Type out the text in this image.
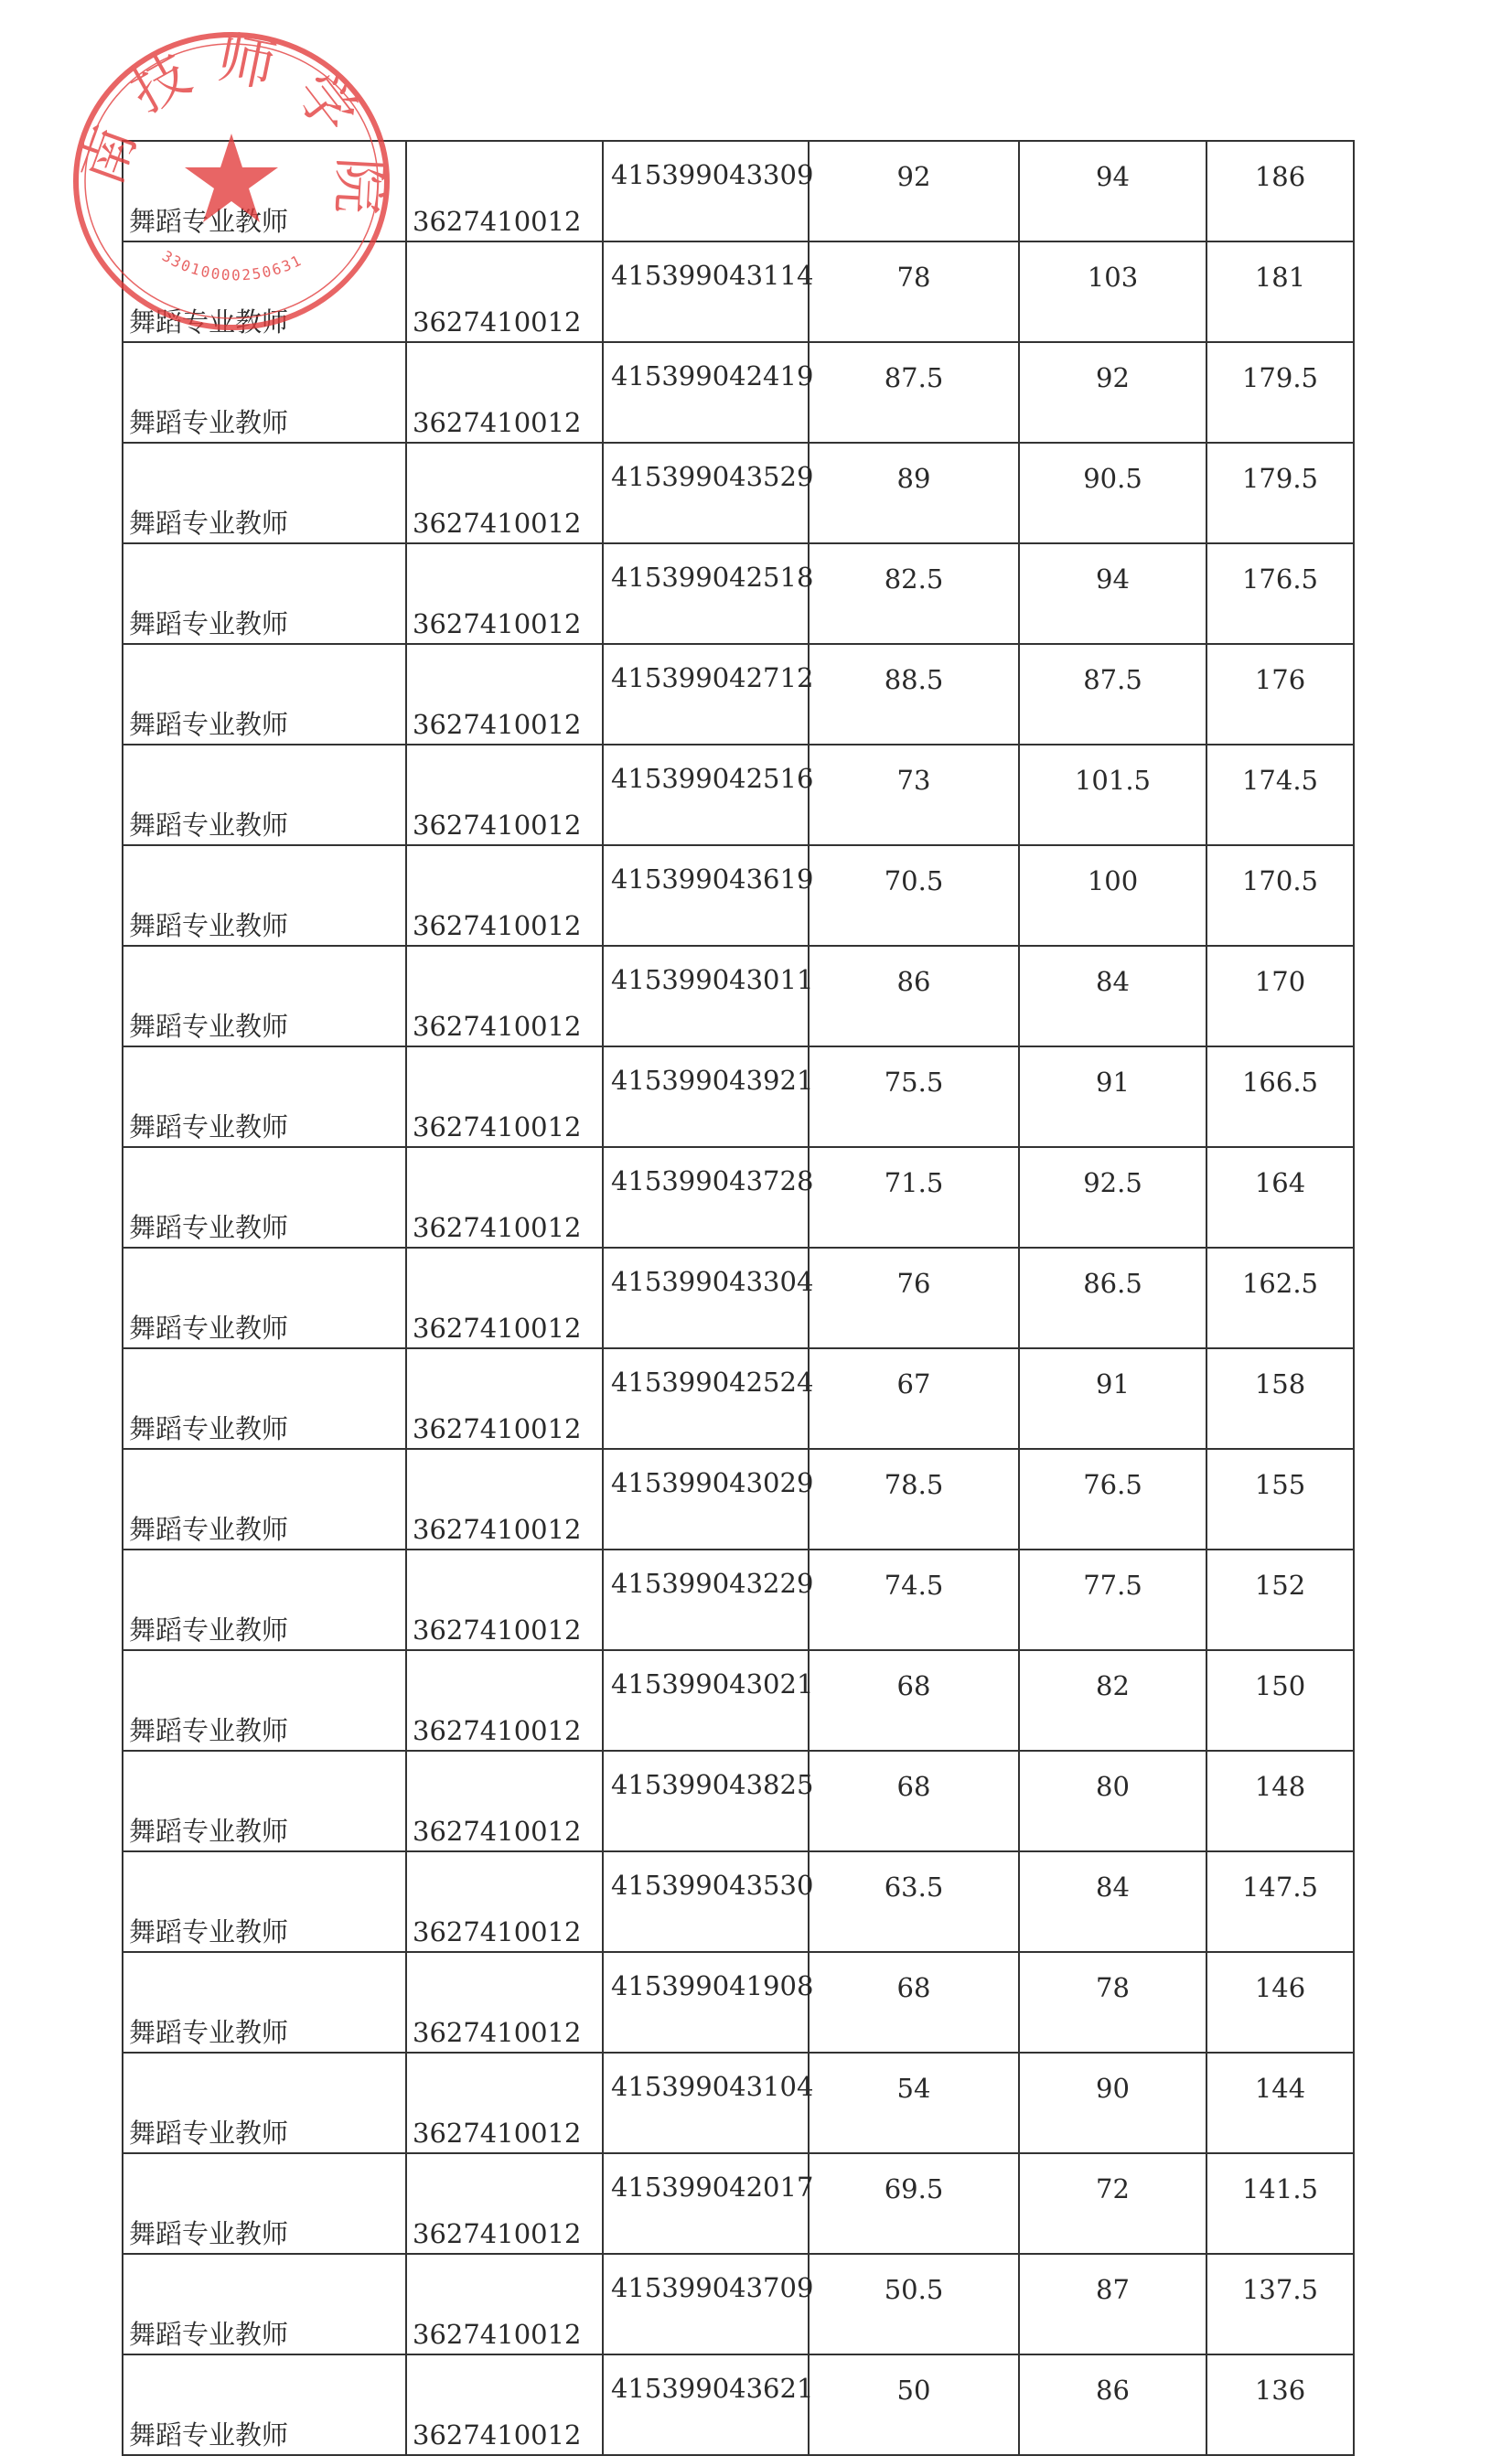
舞蹈专业教师	3627410012	415399043309	92	94	186
舞蹈专业教师	3627410012	415399043114	78	103	181
舞蹈专业教师	3627410012	415399042419	87.5	92	179.5
舞蹈专业教师	3627410012	415399043529	89	90.5	179.5
舞蹈专业教师	3627410012	415399042518	82.5	94	176.5
舞蹈专业教师	3627410012	415399042712	88.5	87.5	176
舞蹈专业教师	3627410012	415399042516	73	101.5	174.5
舞蹈专业教师	3627410012	415399043619	70.5	100	170.5
舞蹈专业教师	3627410012	415399043011	86	84	170
舞蹈专业教师	3627410012	415399043921	75.5	91	166.5
舞蹈专业教师	3627410012	415399043728	71.5	92.5	164
舞蹈专业教师	3627410012	415399043304	76	86.5	162.5
舞蹈专业教师	3627410012	415399042524	67	91	158
舞蹈专业教师	3627410012	415399043029	78.5	76.5	155
舞蹈专业教师	3627410012	415399043229	74.5	77.5	152
舞蹈专业教师	3627410012	415399043021	68	82	150
舞蹈专业教师	3627410012	415399043825	68	80	148
舞蹈专业教师	3627410012	415399043530	63.5	84	147.5
舞蹈专业教师	3627410012	415399041908	68	78	146
舞蹈专业教师	3627410012	415399043104	54	90	144
舞蹈专业教师	3627410012	415399042017	69.5	72	141.5
舞蹈专业教师	3627410012	415399043709	50.5	87	137.5
舞蹈专业教师	3627410012	415399043621	50	86	136
南技师学院
33010000250631
